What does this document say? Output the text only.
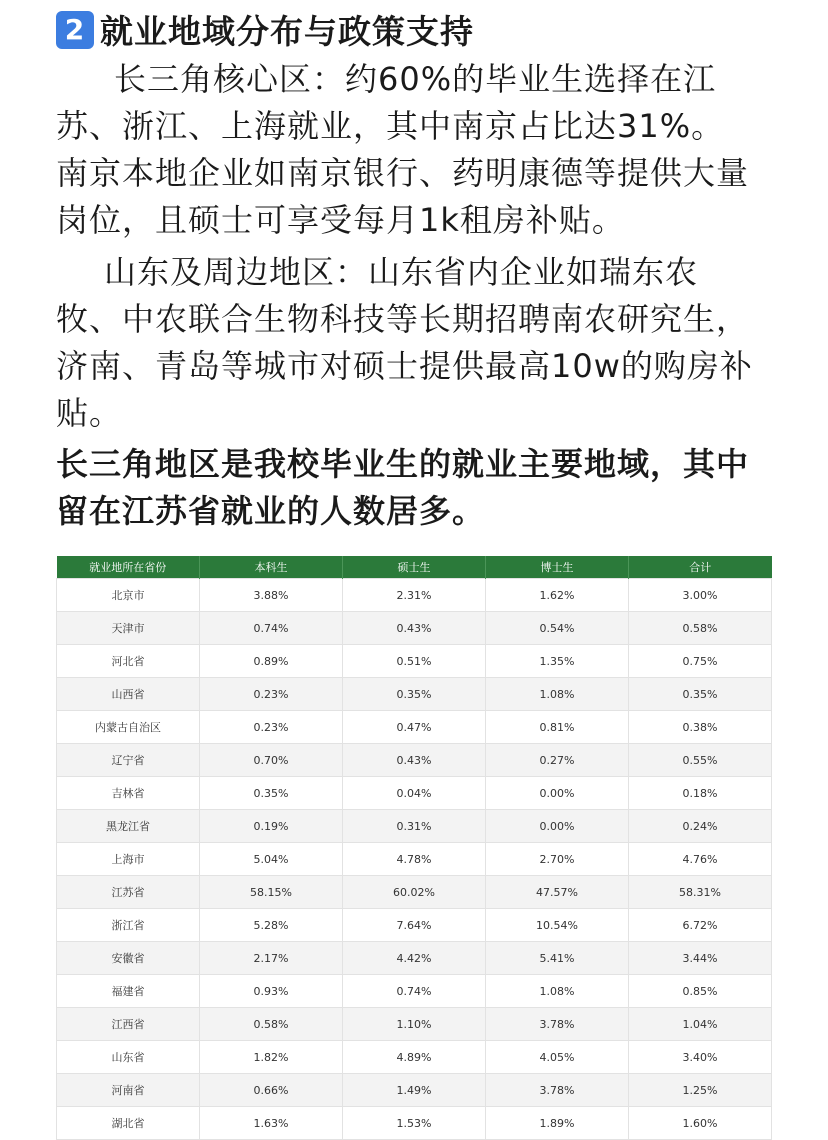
2 就业地域分布与政策支持

长三角核心区：约60%的毕业生选择在江苏、浙江、上海就业，其中南京占比达31%。南京本地企业如南京银行、药明康德等提供大量岗位，且硕士可享受每月1k租房补贴。

山东及周边地区：山东省内企业如瑞东农牧、中农联合生物科技等长期招聘南农研究生，济南、青岛等城市对硕士提供最高10w的购房补贴。

长三角地区是我校毕业生的就业主要地域，其中留在江苏省就业的人数居多。

就业地所在省份	本科生	硕士生	博士生	合计
北京市	3.88%	2.31%	1.62%	3.00%
天津市	0.74%	0.43%	0.54%	0.58%
河北省	0.89%	0.51%	1.35%	0.75%
山西省	0.23%	0.35%	1.08%	0.35%
内蒙古自治区	0.23%	0.47%	0.81%	0.38%
辽宁省	0.70%	0.43%	0.27%	0.55%
吉林省	0.35%	0.04%	0.00%	0.18%
黑龙江省	0.19%	0.31%	0.00%	0.24%
上海市	5.04%	4.78%	2.70%	4.76%
江苏省	58.15%	60.02%	47.57%	58.31%
浙江省	5.28%	7.64%	10.54%	6.72%
安徽省	2.17%	4.42%	5.41%	3.44%
福建省	0.93%	0.74%	1.08%	0.85%
江西省	0.58%	1.10%	3.78%	1.04%
山东省	1.82%	4.89%	4.05%	3.40%
河南省	0.66%	1.49%	3.78%	1.25%
湖北省	1.63%	1.53%	1.89%	1.60%
